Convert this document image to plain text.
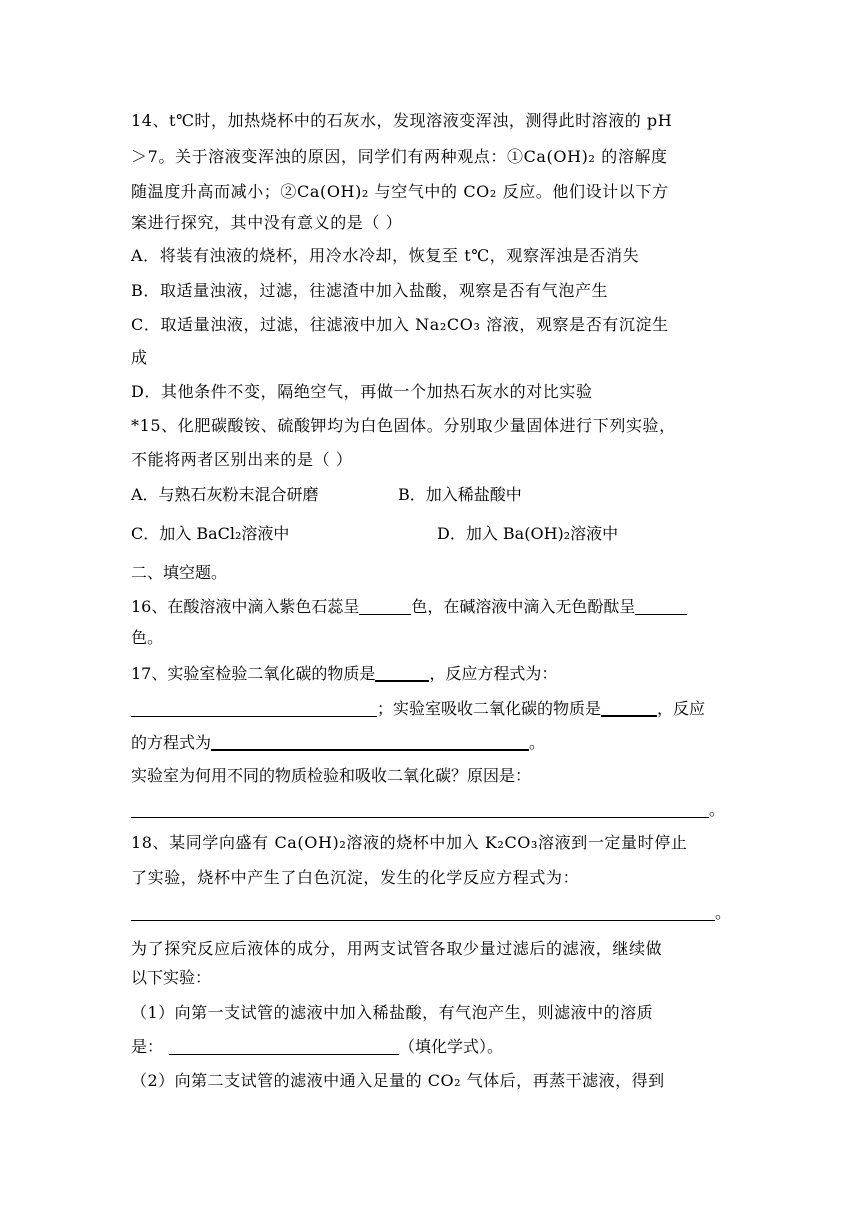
14、t℃时，加热烧杯中的石灰水，发现溶液变浑浊，测得此时溶液的 pH
＞7。关于溶液变浑浊的原因，同学们有两种观点：①Ca(OH)₂ 的溶解度
随温度升高而减小；②Ca(OH)₂ 与空气中的 CO₂ 反应。他们设计以下方
案进行探究，其中没有意义的是（ ）
A．将装有浊液的烧杯，用冷水冷却，恢复至 t℃，观察浑浊是否消失
B．取适量浊液，过滤，往滤渣中加入盐酸，观察是否有气泡产生
C．取适量浊液，过滤，往滤液中加入 Na₂CO₃ 溶液，观察是否有沉淀生
成
D．其他条件不变，隔绝空气，再做一个加热石灰水的对比实验
*15、化肥碳酸铵、硫酸钾均为白色固体。分别取少量固体进行下列实验，
不能将两者区别出来的是（ ）
A．与熟石灰粉末混合研磨	B．加入稀盐酸中
C．加入 BaCl₂溶液中	D．加入 Ba(OH)₂溶液中
二、填空题。
16、在酸溶液中滴入紫色石蕊呈	色，在碱溶液中滴入无色酚酞呈
色。
17、实验室检验二氧化碳的物质是	，反应方程式为：
；实验室吸收二氧化碳的物质是	，反应
的方程式为	。
实验室为何用不同的物质检验和吸收二氧化碳？原因是：
。
18、某同学向盛有 Ca(OH)₂溶液的烧杯中加入 K₂CO₃溶液到一定量时停止
了实验，烧杯中产生了白色沉淀，发生的化学反应方程式为：
。
为了探究反应后液体的成分，用两支试管各取少量过滤后的滤液，继续做
以下实验：
（1）向第一支试管的滤液中加入稀盐酸，有气泡产生，则滤液中的溶质
是：	（填化学式）。
（2）向第二支试管的滤液中通入足量的 CO₂ 气体后，再蒸干滤液，得到
